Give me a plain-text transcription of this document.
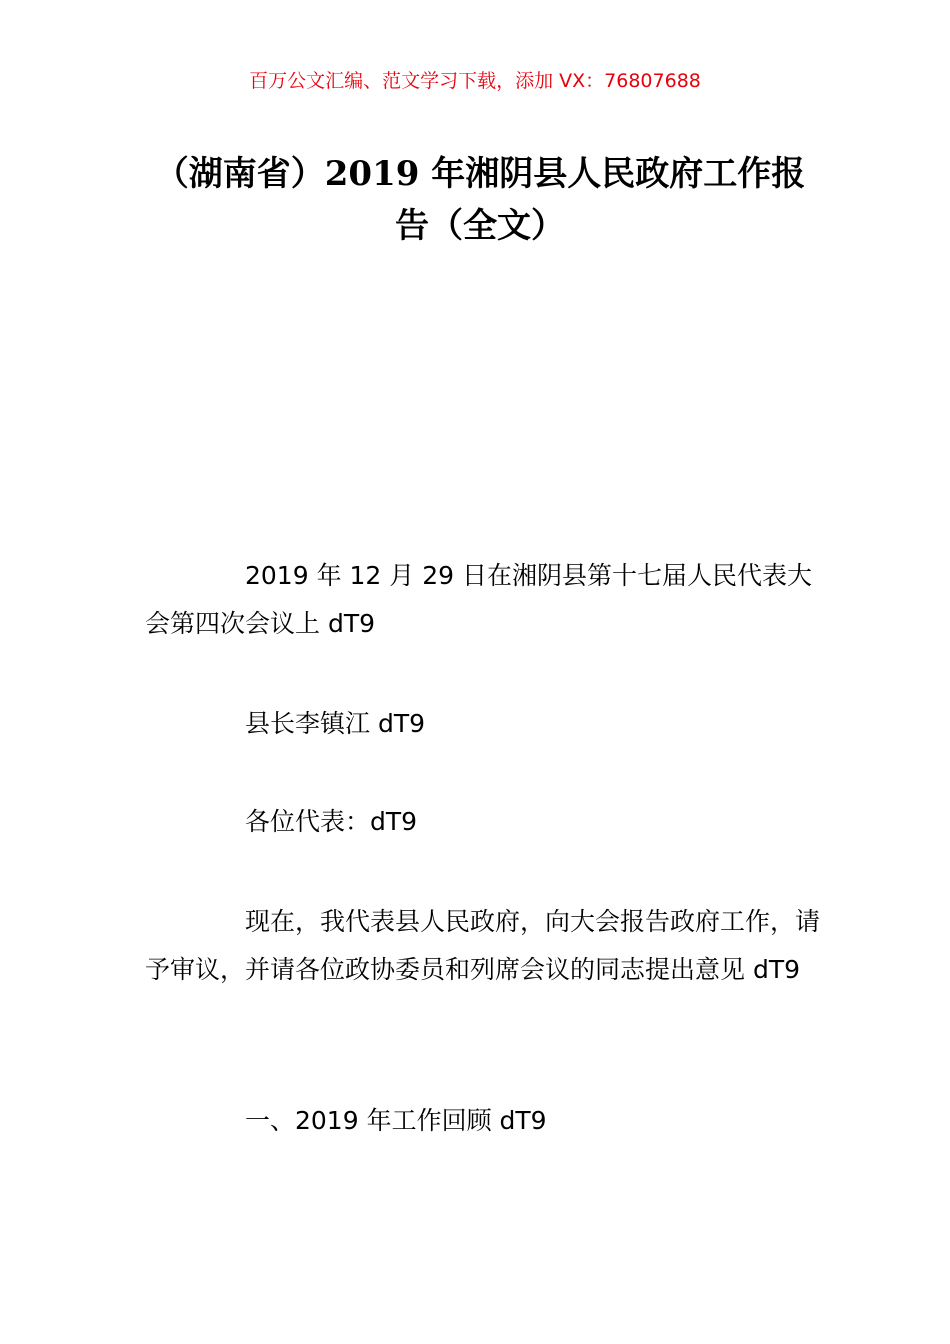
百万公文汇编、范文学习下载，添加 VX：76807688
（湖南省）2019 年湘阴县人民政府工作报
告（全文）

2019 年 12 月 29 日在湘阴县第十七届人民代表大会第四次会议上 dT9

县长李镇江 dT9

各位代表：dT9

现在，我代表县人民政府，向大会报告政府工作，请予审议，并请各位政协委员和列席会议的同志提出意见 dT9

一、2019 年工作回顾 dT9
